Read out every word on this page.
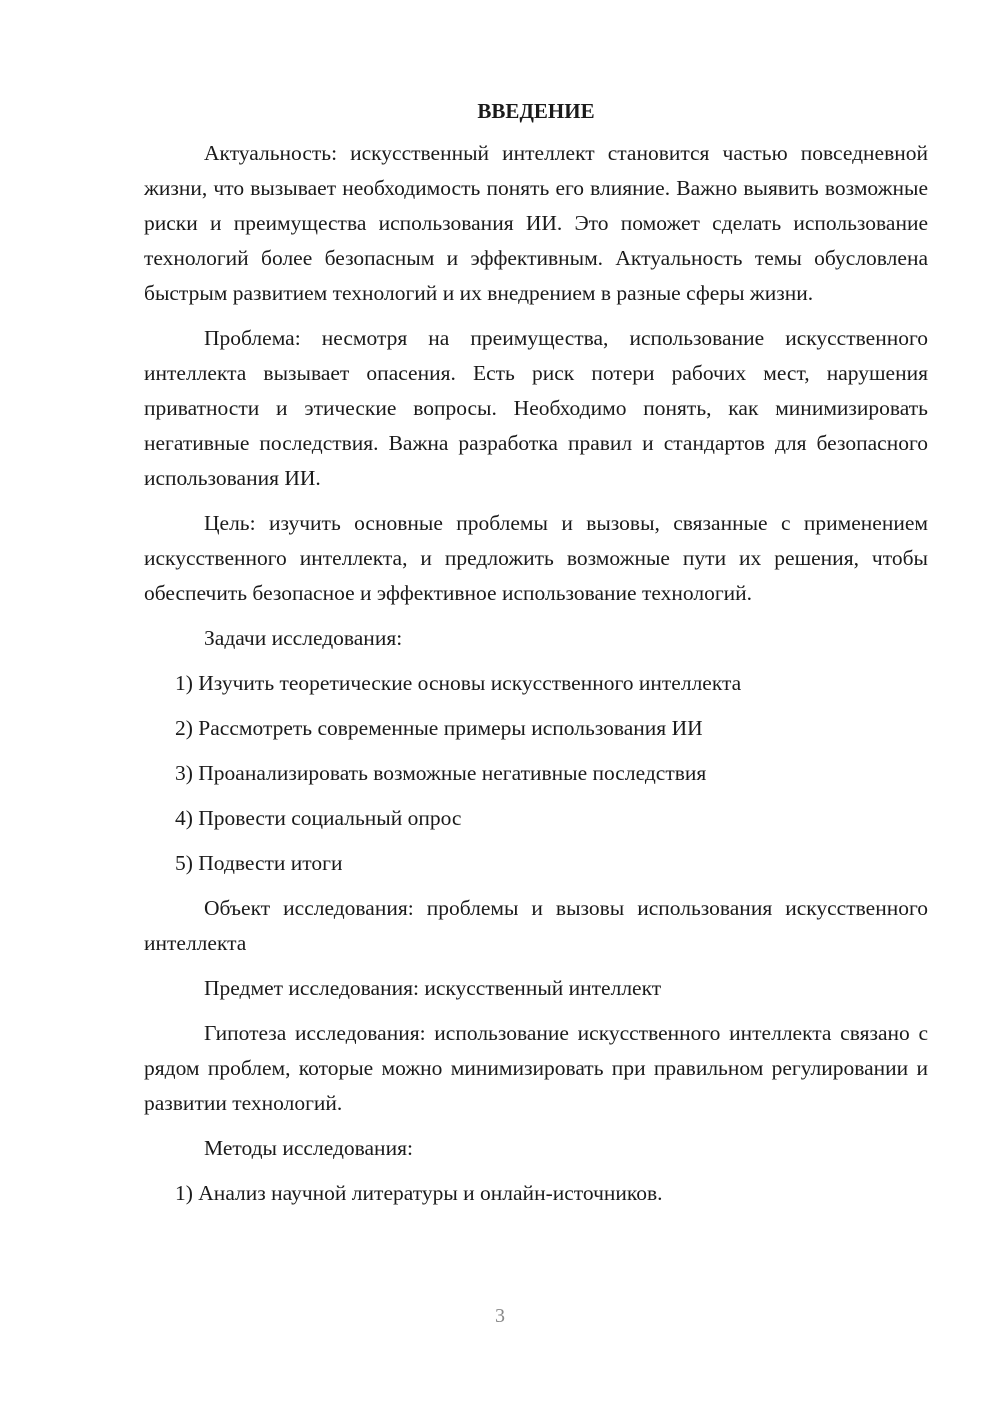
ВВЕДЕНИЕ

Актуальность: искусственный интеллект становится частью повседневной жизни, что вызывает необходимость понять его влияние. Важно выявить возможные риски и преимущества использования ИИ. Это поможет сделать использование технологий более безопасным и эффективным. Актуальность темы обусловлена быстрым развитием технологий и их внедрением в разные сферы жизни.

Проблема: несмотря на преимущества, использование искусственного интеллекта вызывает опасения. Есть риск потери рабочих мест, нарушения приватности и этические вопросы. Необходимо понять, как минимизировать негативные последствия. Важна разработка правил и стандартов для безопасного использования ИИ.

Цель: изучить основные проблемы и вызовы, связанные с применением искусственного интеллекта, и предложить возможные пути их решения, чтобы обеспечить безопасное и эффективное использование технологий.

Задачи исследования:

1) Изучить теоретические основы искусственного интеллекта

2) Рассмотреть современные примеры использования ИИ

3) Проанализировать возможные негативные последствия

4) Провести социальный опрос

5) Подвести итоги

Объект исследования: проблемы и вызовы использования искусственного интеллекта

Предмет исследования: искусственный интеллект

Гипотеза исследования: использование искусственного интеллекта связано с рядом проблем, которые можно минимизировать при правильном регулировании и развитии технологий.

Методы исследования:

1) Анализ научной литературы и онлайн-источников.

3
